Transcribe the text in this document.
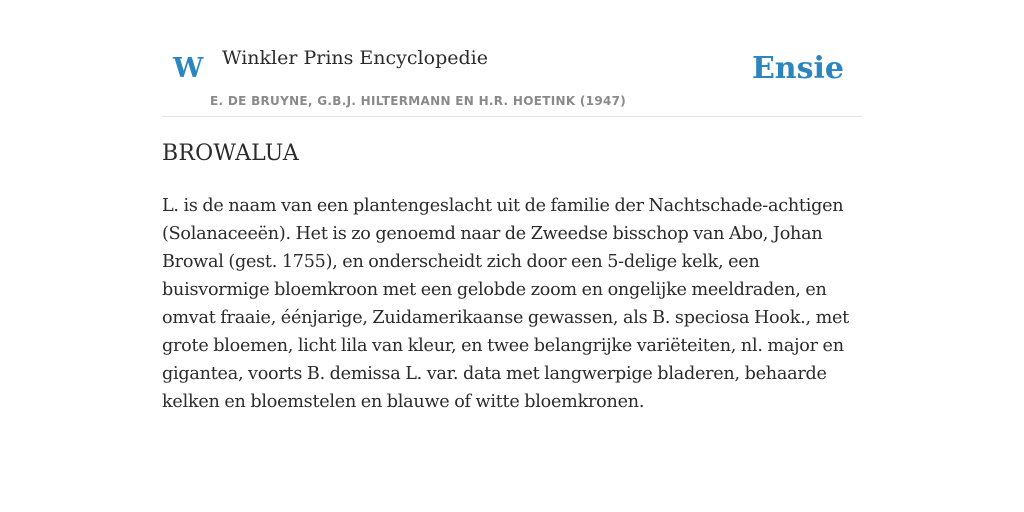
W Winkler Prins Encyclopedie
E. DE BRUYNE, G.B.J. HILTERMANN EN H.R. HOETINK (1947)
Ensie
BROWALUA

L. is de naam van een plantengeslacht uit de familie der Nachtschade-achtigen (Solanaceeën). Het is zo genoemd naar de Zweedse bisschop van Abo, Johan Browal (gest. 1755), en onderscheidt zich door een 5-delige kelk, een buisvormige bloemkroon met een gelobde zoom en ongelijke meeldraden, en omvat fraaie, éénjarige, Zuidamerikaanse gewassen, als B. speciosa Hook., met grote bloemen, licht lila van kleur, en twee belangrijke variëteiten, nl. major en gigantea, voorts B. demissa L. var. data met langwerpige bladeren, behaarde kelken en bloemstelen en blauwe of witte bloemkronen.
